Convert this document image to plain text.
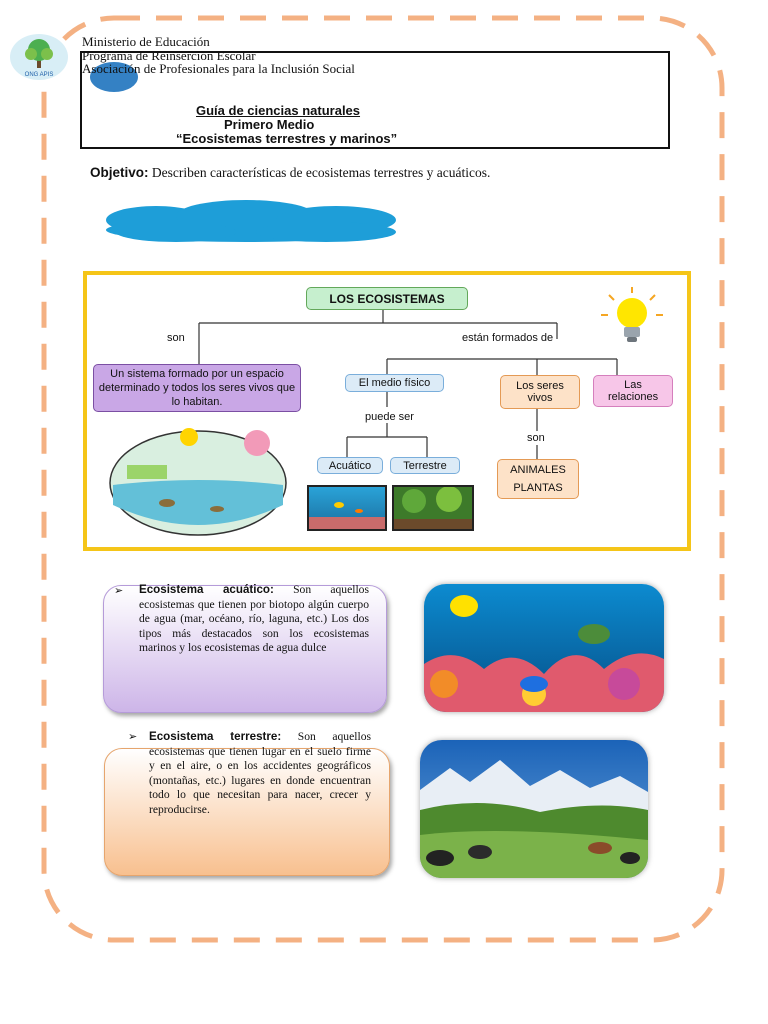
ONG APIS
Ministerio de Educación
Programa de Reinserción Escolar
Asociación de Profesionales para la Inclusión Social
Guía de ciencias naturales
Primero Medio
“Ecosistemas terrestres y marinos”
Objetivo: Describen características de ecosistemas terrestres y acuáticos.
LOS ECOSISTEMAS
son	están formados de
Un sistema formado por un espacio determinado y todos los seres vivos que lo habitan.
El medio físico	Los seres vivos
Las relaciones
puede ser
son
Acuático	Terrestre	ANIMALES
PLANTAS
➢ Ecosistema acuático: Son aquellos ecosistemas que tienen por biotopo algún cuerpo de agua (mar, océano, río, laguna, etc.) Los dos tipos más destacados son los ecosistemas marinos y los ecosistemas de agua dulce
➢ Ecosistema terrestre: Son aquellos ecosistemas que tienen lugar en el suelo firme y en el aire, o en los accidentes geográficos (montañas, etc.) lugares en donde encuentran todo lo que necesitan para nacer, crecer y reproducirse.
